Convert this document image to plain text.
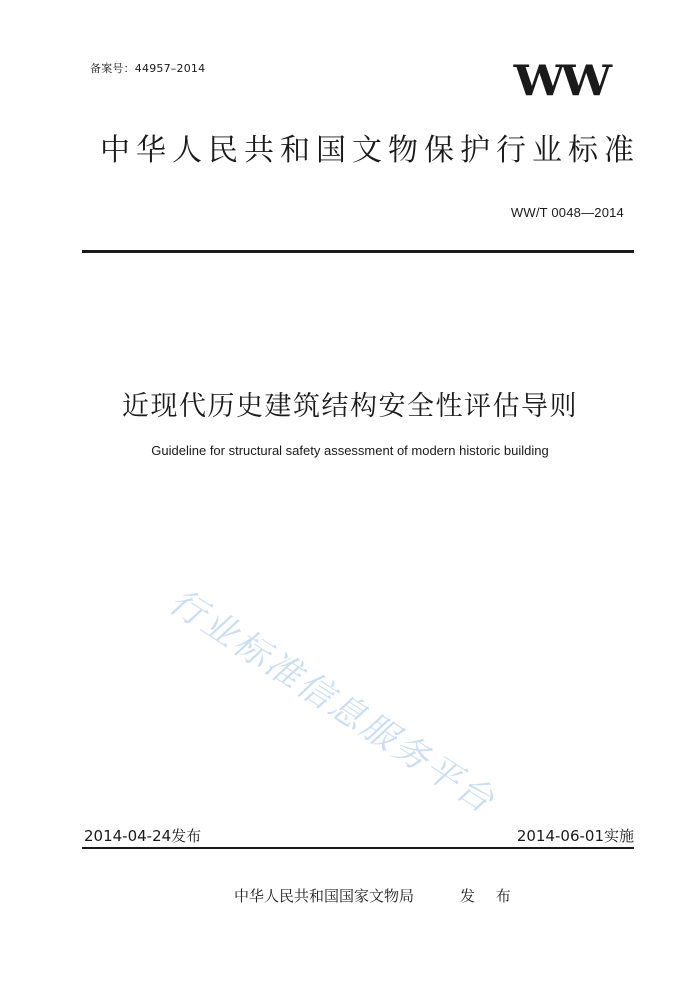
备案号：44957–2014	WW
中华人民共和国文物保护行业标准
WW/T 0048—2014
近现代历史建筑结构安全性评估导则
Guideline for structural safety assessment of modern historic building
行业标准信息服务平台
2014-04-24发布	2014-06-01实施
中华人民共和国国家文物局	发 布
